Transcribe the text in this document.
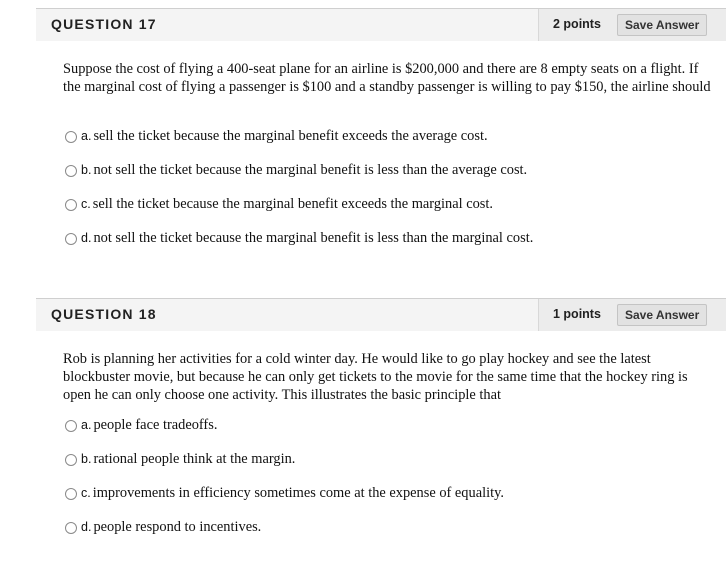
QUESTION 17	2 points	Save Answer
Suppose the cost of flying a 400-seat plane for an airline is $200,000 and there are 8 empty seats on a flight. If the marginal cost of flying a passenger is $100 and a standby passenger is willing to pay $150, the airline should
a. sell the ticket because the marginal benefit exceeds the average cost.
b. not sell the ticket because the marginal benefit is less than the average cost.
c. sell the ticket because the marginal benefit exceeds the marginal cost.
d. not sell the ticket because the marginal benefit is less than the marginal cost.
QUESTION 18	1 points	Save Answer
Rob is planning her activities for a cold winter day. He would like to go play hockey and see the latest blockbuster movie, but because he can only get tickets to the movie for the same time that the hockey ring is open he can only choose one activity. This illustrates the basic principle that
a. people face tradeoffs.
b. rational people think at the margin.
c. improvements in efficiency sometimes come at the expense of equality.
d. people respond to incentives.
